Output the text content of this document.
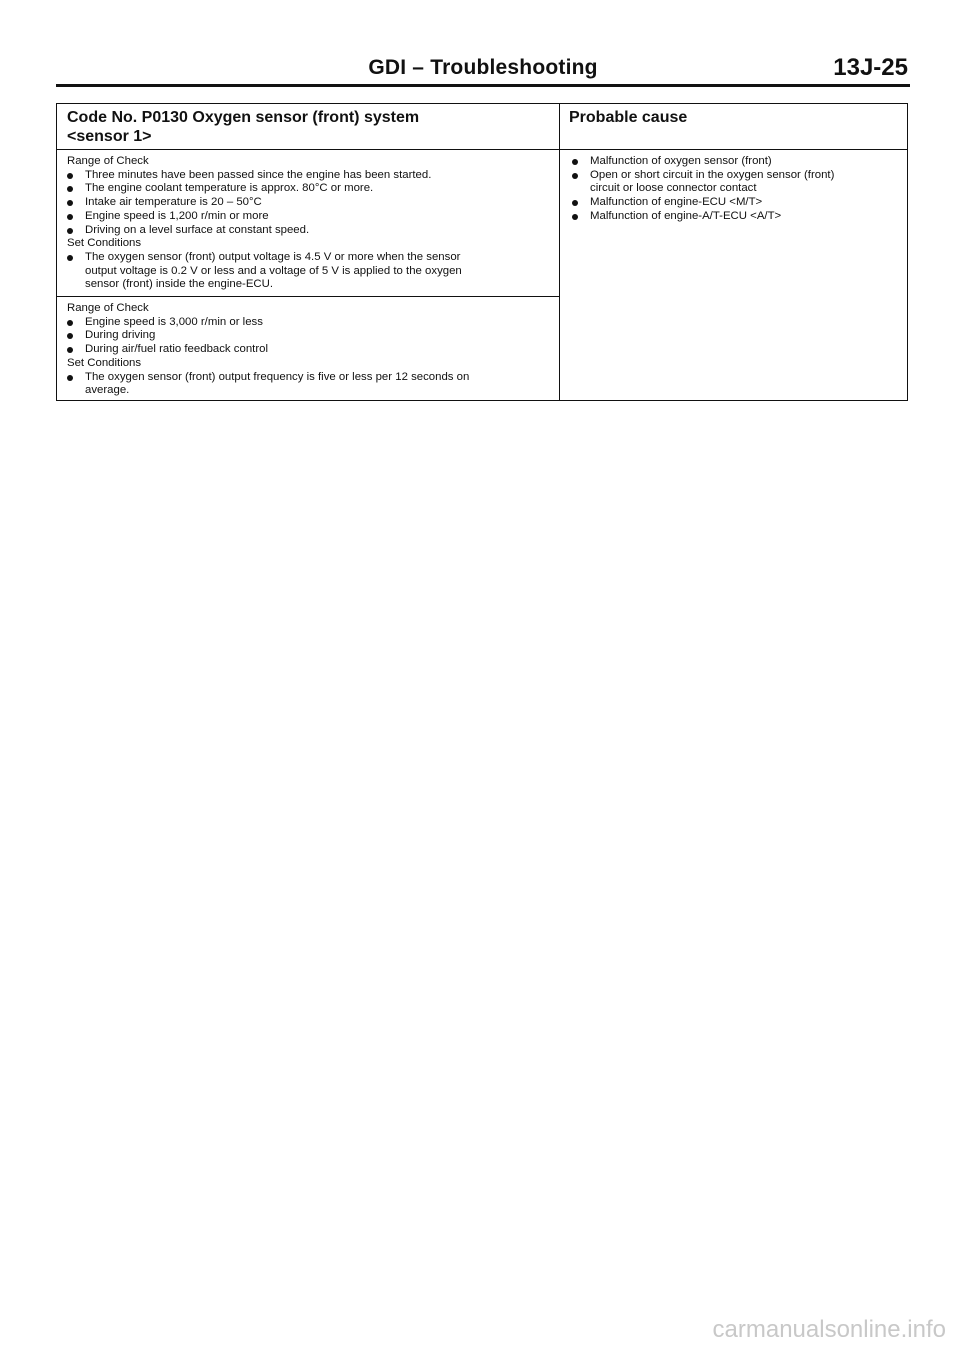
GDI – Troubleshooting	13J-25
Code No. P0130 Oxygen sensor (front) system
<sensor 1>
Probable cause
Range of Check
Three minutes have been passed since the engine has been started.
The engine coolant temperature is approx. 80°C or more.
Intake air temperature is 20 – 50°C
Engine speed is 1,200 r/min or more
Driving on a level surface at constant speed.
Set Conditions
The oxygen sensor (front) output voltage is 4.5 V or more when the sensor
output voltage is 0.2 V or less and a voltage of 5 V is applied to the oxygen
sensor (front) inside the engine-ECU.
Range of Check
Engine speed is 3,000 r/min or less
During driving
During air/fuel ratio feedback control
Set Conditions
The oxygen sensor (front) output frequency is five or less per 12 seconds on
average.
Malfunction of oxygen sensor (front)
Open or short circuit in the oxygen sensor (front)
circuit or loose connector contact
Malfunction of engine-ECU <M/T>
Malfunction of engine-A/T-ECU <A/T>
carmanualsonline.info
